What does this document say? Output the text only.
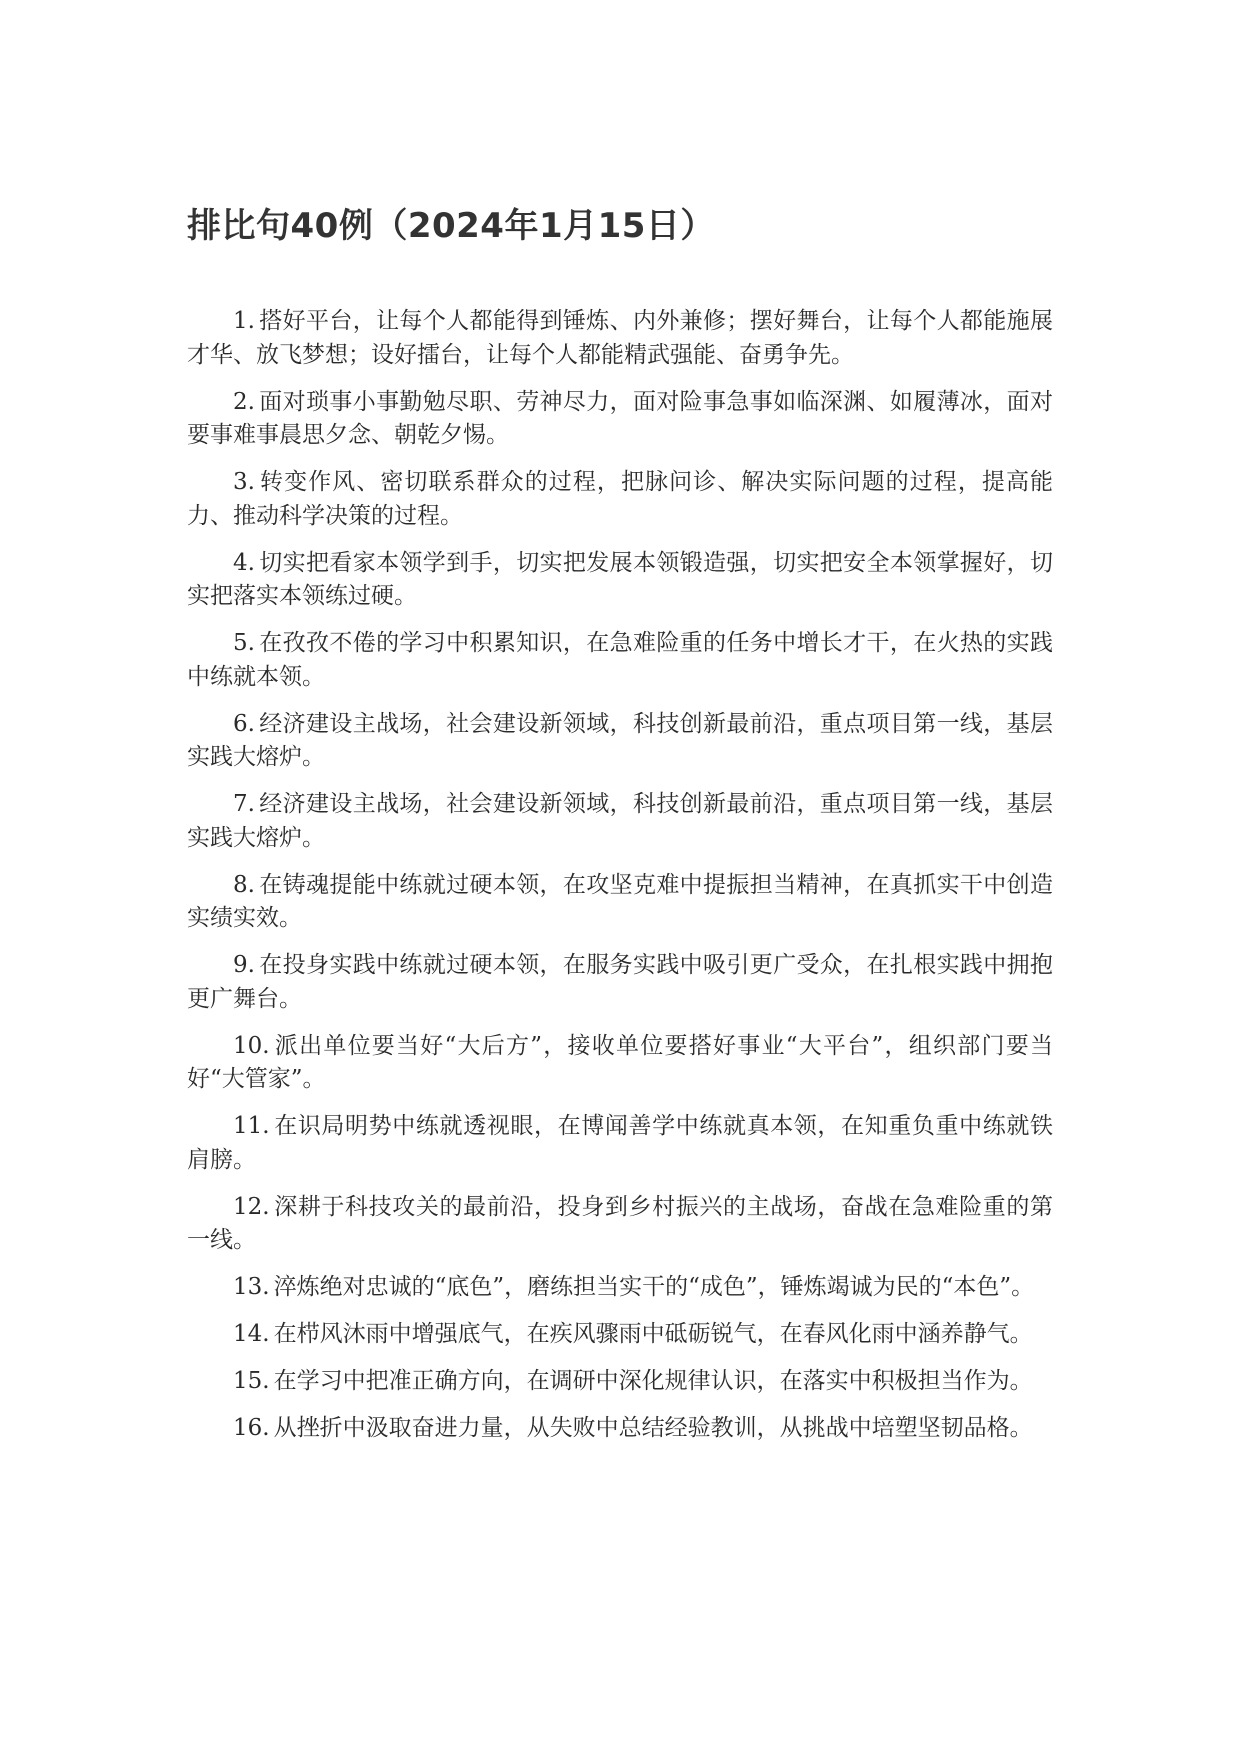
排比句40例（2024年1月15日）

1. 搭好平台，让每个人都能得到锤炼、内外兼修；摆好舞台，让每个人都能施展才华、放飞梦想；设好擂台，让每个人都能精武强能、奋勇争先。

2. 面对琐事小事勤勉尽职、劳神尽力，面对险事急事如临深渊、如履薄冰，面对要事难事晨思夕念、朝乾夕惕。

3. 转变作风、密切联系群众的过程，把脉问诊、解决实际问题的过程，提高能力、推动科学决策的过程。

4. 切实把看家本领学到手，切实把发展本领锻造强，切实把安全本领掌握好，切实把落实本领练过硬。

5. 在孜孜不倦的学习中积累知识，在急难险重的任务中增长才干，在火热的实践中练就本领。

6. 经济建设主战场，社会建设新领域，科技创新最前沿，重点项目第一线，基层实践大熔炉。

7. 经济建设主战场，社会建设新领域，科技创新最前沿，重点项目第一线，基层实践大熔炉。

8. 在铸魂提能中练就过硬本领，在攻坚克难中提振担当精神，在真抓实干中创造实绩实效。

9. 在投身实践中练就过硬本领，在服务实践中吸引更广受众，在扎根实践中拥抱更广舞台。

10. 派出单位要当好“大后方”，接收单位要搭好事业“大平台”，组织部门要当好“大管家”。

11. 在识局明势中练就透视眼，在博闻善学中练就真本领，在知重负重中练就铁肩膀。

12. 深耕于科技攻关的最前沿，投身到乡村振兴的主战场，奋战在急难险重的第一线。

13. 淬炼绝对忠诚的“底色”，磨练担当实干的“成色”，锤炼竭诚为民的“本色”。

14. 在栉风沐雨中增强底气，在疾风骤雨中砥砺锐气，在春风化雨中涵养静气。

15. 在学习中把准正确方向，在调研中深化规律认识，在落实中积极担当作为。

16. 从挫折中汲取奋进力量，从失败中总结经验教训，从挑战中培塑坚韧品格。
